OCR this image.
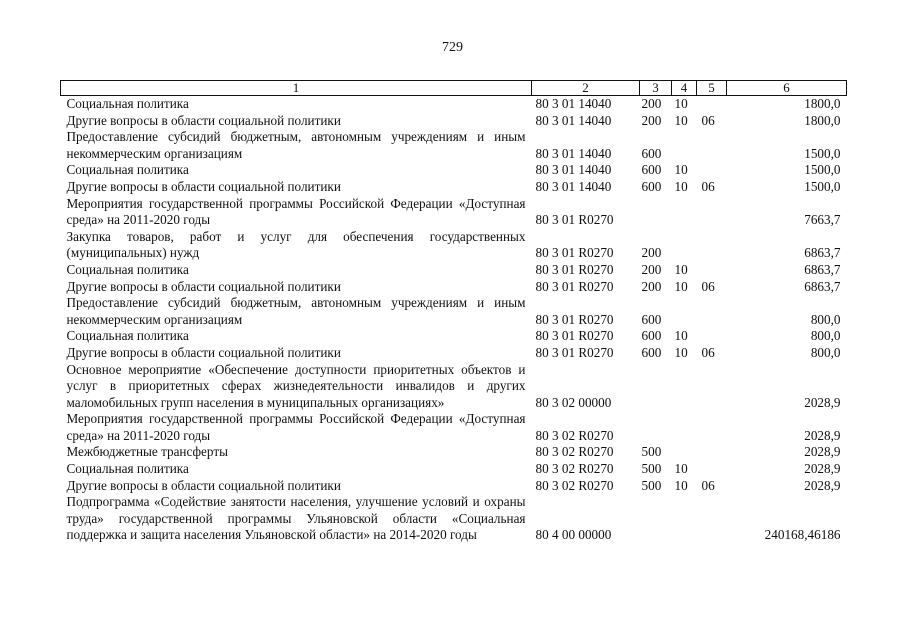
729
1	2	3	4	5	6
Социальная политика	80 3 01 14040	200	10		1800,0
Другие вопросы в области социальной политики	80 3 01 14040	200	10	06	1800,0
Предоставление субсидий бюджетным, автономным учреждениям и иным некоммерческим организациям	80 3 01 14040	600			1500,0
Социальная политика	80 3 01 14040	600	10		1500,0
Другие вопросы в области социальной политики	80 3 01 14040	600	10	06	1500,0
Мероприятия государственной программы Российской Федерации «Доступная среда» на 2011-2020 годы	80 3 01 R0270				7663,7
Закупка товаров, работ и услуг для обеспечения государственных (муниципальных) нужд	80 3 01 R0270	200			6863,7
Социальная политика	80 3 01 R0270	200	10		6863,7
Другие вопросы в области социальной политики	80 3 01 R0270	200	10	06	6863,7
Предоставление субсидий бюджетным, автономным учреждениям и иным некоммерческим организациям	80 3 01 R0270	600			800,0
Социальная политика	80 3 01 R0270	600	10		800,0
Другие вопросы в области социальной политики	80 3 01 R0270	600	10	06	800,0
Основное мероприятие «Обеспечение доступности приоритетных объектов и услуг в приоритетных сферах жизнедеятельности инвалидов и других маломобильных групп населения в муниципальных организациях»	80 3 02 00000				2028,9
Мероприятия государственной программы Российской Федерации «Доступная среда» на 2011-2020 годы	80 3 02 R0270				2028,9
Межбюджетные трансферты	80 3 02 R0270	500			2028,9
Социальная политика	80 3 02 R0270	500	10		2028,9
Другие вопросы в области социальной политики	80 3 02 R0270	500	10	06	2028,9
Подпрограмма «Содействие занятости населения, улучшение условий и охраны труда» государственной программы Ульяновской области «Социальная поддержка и защита населения Ульяновской области» на 2014-2020 годы	80 4 00 00000				240168,46186
